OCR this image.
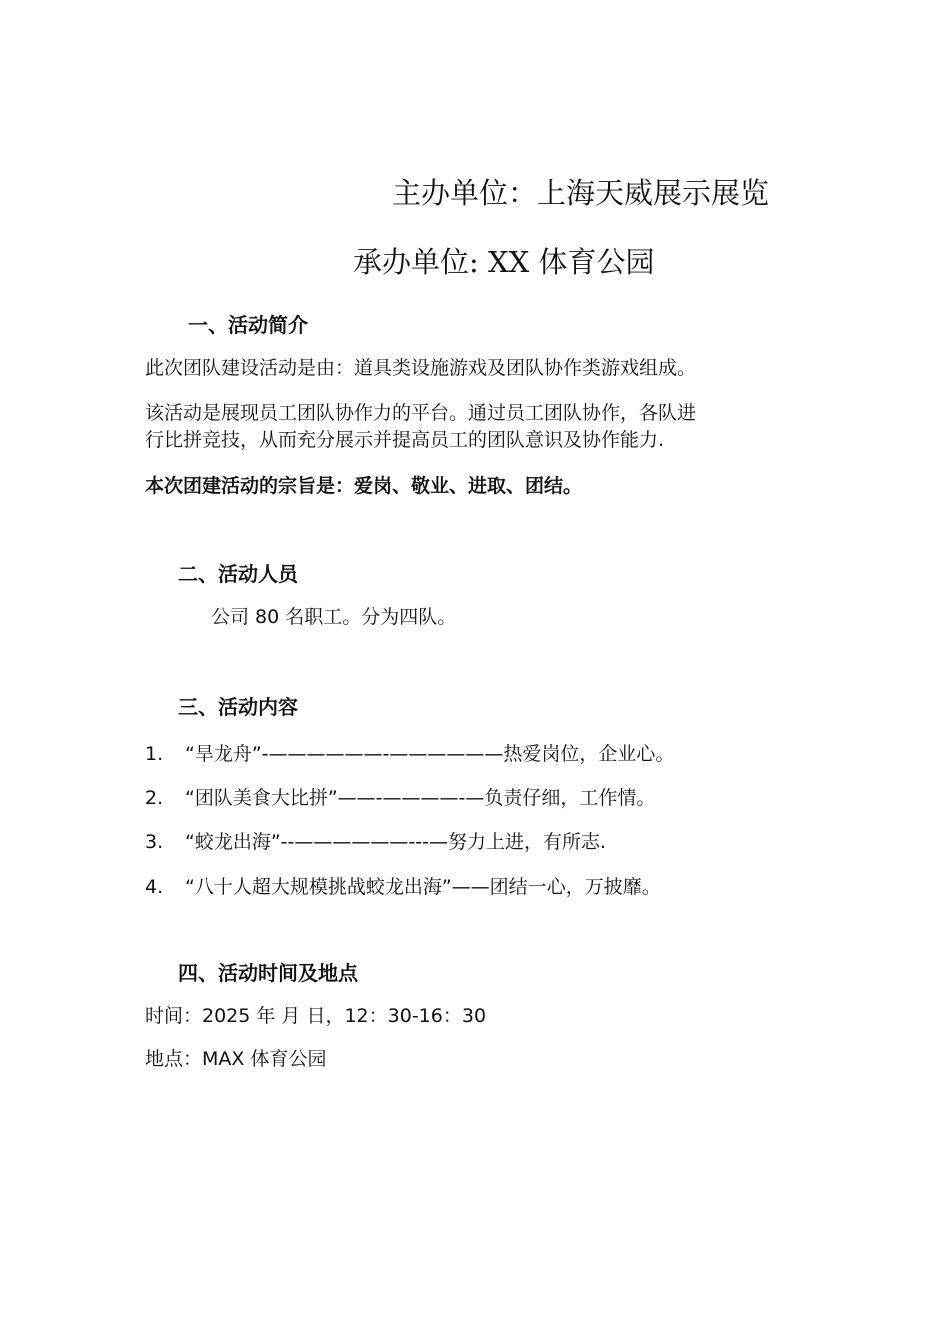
主办单位：上海天威展示展览
承办单位: XX 体育公园
一、活动简介
此次团队建设活动是由：道具类设施游戏及团队协作类游戏组成。
该活动是展现员工团队协作力的平台。通过员工团队协作，各队进
行比拼竞技，从而充分展示并提高员工的团队意识及协作能力.
本次团建活动的宗旨是：爱岗、敬业、进取、团结。
二、活动人员
公司 80 名职工。分为四队。
三、活动内容
1. “旱龙舟”-——————-——————热爱岗位，企业心。
2. “团队美食大比拼”——-————-—负责仔细，工作情。
3. “蛟龙出海”--——————---—努力上进，有所志.
4. “八十人超大规模挑战蛟龙出海”——团结一心，万披靡。
四、活动时间及地点
时间：2025 年 月 日，12：30-16：30
地点：MAX 体育公园
